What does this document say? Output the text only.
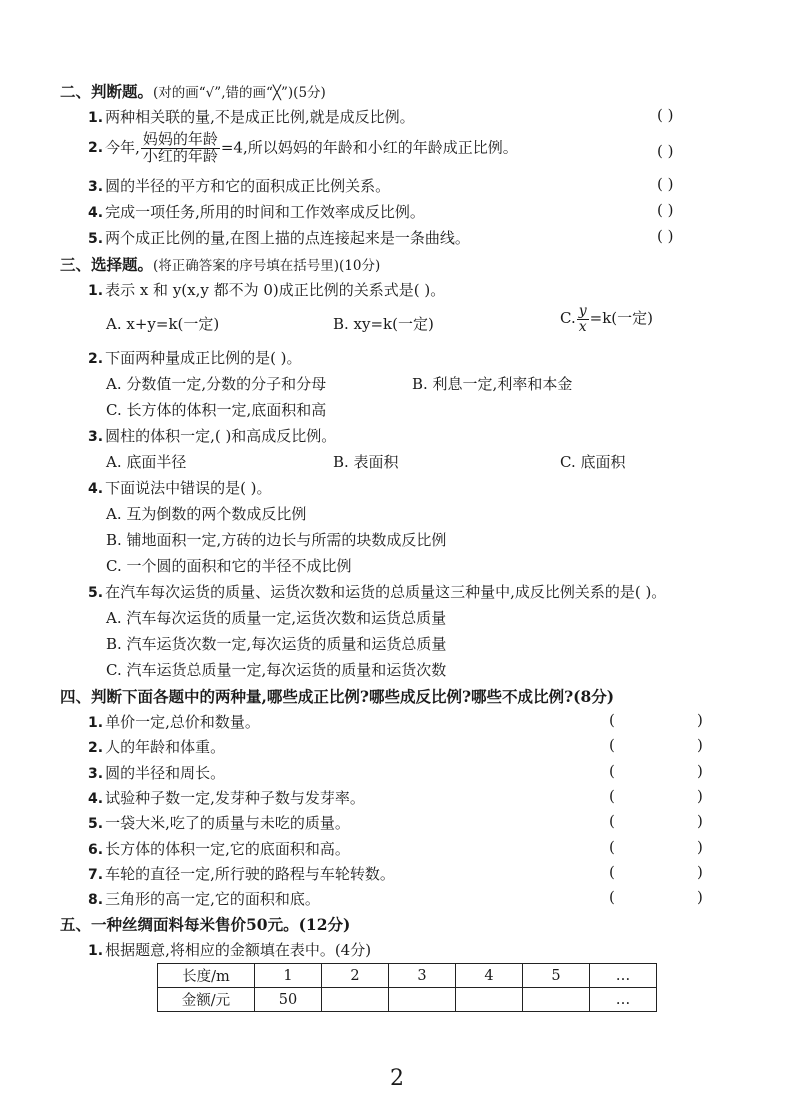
二、判断题。(对的画“√”,错的画“╳”)(5分)
1. 两种相关联的量,不是成正比例,就是成反比例。	( )
2. 今年, $\frac{\text{妈妈的年龄}}{\text{小红的年龄}} =4$,所以妈妈的年龄和小红的年龄成正比例。	( )
3. 圆的半径的平方和它的面积成正比例关系。	( )
4. 完成一项任务,所用的时间和工作效率成反比例。	( )
5. 两个成正比例的量,在图上描的点连接起来是一条曲线。	( )
三、选择题。(将正确答案的序号填在括号里)(10分)
1. 表示 x 和 y(x,y 都不为 0)成正比例的关系式是( )。
A. x+y=k(一定)	B. xy=k(一定)	C. $\frac{y}{x} =k$(一定)
2. 下面两种量成正比例的是( )。
A. 分数值一定,分数的分子和分母	B. 利息一定,利率和本金
C. 长方体的体积一定,底面积和高
3. 圆柱的体积一定,( )和高成反比例。
A. 底面半径	B. 表面积	C. 底面积
4. 下面说法中错误的是( )。
A. 互为倒数的两个数成反比例
B. 铺地面积一定,方砖的边长与所需的块数成反比例
C. 一个圆的面积和它的半径不成比例
5. 在汽车每次运货的质量、运货次数和运货的总质量这三种量中,成反比例关系的是( )。
A. 汽车每次运货的质量一定,运货次数和运货总质量
B. 汽车运货次数一定,每次运货的质量和运货总质量
C. 汽车运货总质量一定,每次运货的质量和运货次数
四、判断下面各题中的两种量,哪些成正比例?哪些成反比例?哪些不成比例?(8分)
1. 单价一定,总价和数量。	(	)
2. 人的年龄和体重。	(	)
3. 圆的半径和周长。	(	)
4. 试验种子数一定,发芽种子数与发芽率。	(	)
5. 一袋大米,吃了的质量与未吃的质量。	(	)
6. 长方体的体积一定,它的底面积和高。	(	)
7. 车轮的直径一定,所行驶的路程与车轮转数。	(	)
8. 三角形的高一定,它的面积和底。	(	)
五、一种丝绸面料每米售价50元。(12分)
1. 根据题意,将相应的金额填在表中。(4分)
长度/m	1	2	3	4	5	…
金额/元	50					…
2
